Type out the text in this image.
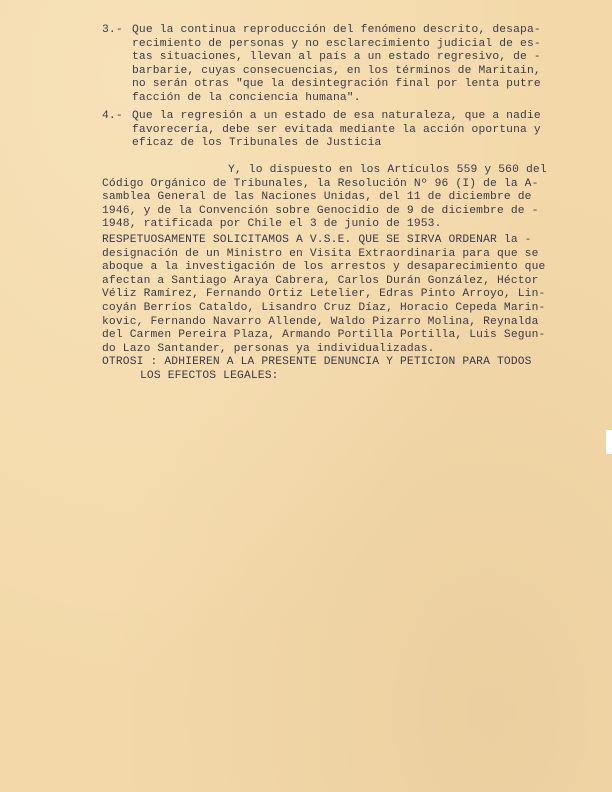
3.- Que la continua reproducción del fenómeno descrito, desapa-
recimiento de personas y no esclarecimiento judicial de es-
tas situaciones, llevan al país a un estado regresivo, de -
barbarie, cuyas consecuencias, en los términos de Maritain,
no serán otras "que la desintegración final por lenta putre
facción de la conciencia humana".
4.- Que la regresión a un estado de esa naturaleza, que a nadie
favorecería, debe ser evitada mediante la acción oportuna y
eficaz de los Tribunales de Justicia
Y, lo dispuesto en los Artículos 559 y 560 del
Código Orgánico de Tribunales, la Resolución Nº 96 (I) de la A-
samblea General de las Naciones Unidas, del 11 de diciembre de
1946, y de la Convención sobre Genocidio de 9 de diciembre de -
1948, ratificada por Chile el 3 de junio de 1953.
RESPETUOSAMENTE SOLICITAMOS A V.S.E. QUE SE SIRVA ORDENAR la -
designación de un Ministro en Visita Extraordinaria para que se
aboque a la investigación de los arrestos y desaparecimiento que
afectan a Santiago Araya Cabrera, Carlos Durán González, Héctor
Véliz Ramírez, Fernando Ortiz Letelier, Edras Pinto Arroyo, Lin-
coyán Berríos Cataldo, Lisandro Cruz Díaz, Horacio Cepeda Marin-
kovic, Fernando Navarro Allende, Waldo Pizarro Molina, Reynalda
del Carmen Pereira Plaza, Armando Portilla Portilla, Luis Segun-
do Lazo Santander, personas ya individualizadas.
OTROSI : ADHIEREN A LA PRESENTE DENUNCIA Y PETICION PARA TODOS
LOS EFECTOS LEGALES:
